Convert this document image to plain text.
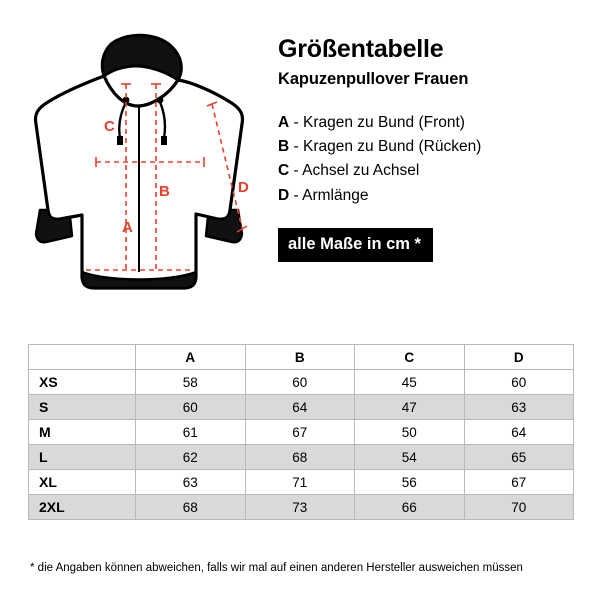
C
B
A
D
Größentabelle
Kapuzenpullover Frauen
A - Kragen zu Bund (Front)
B - Kragen zu Bund (Rücken)
C - Achsel zu Achsel
D - Armlänge
alle Maße in cm *
	A	B	C	D
XS	58	60	45	60
S	60	64	47	63
M	61	67	50	64
L	62	68	54	65
XL	63	71	56	67
2XL	68	73	66	70
* die Angaben können abweichen, falls wir mal auf einen anderen Hersteller ausweichen müssen
